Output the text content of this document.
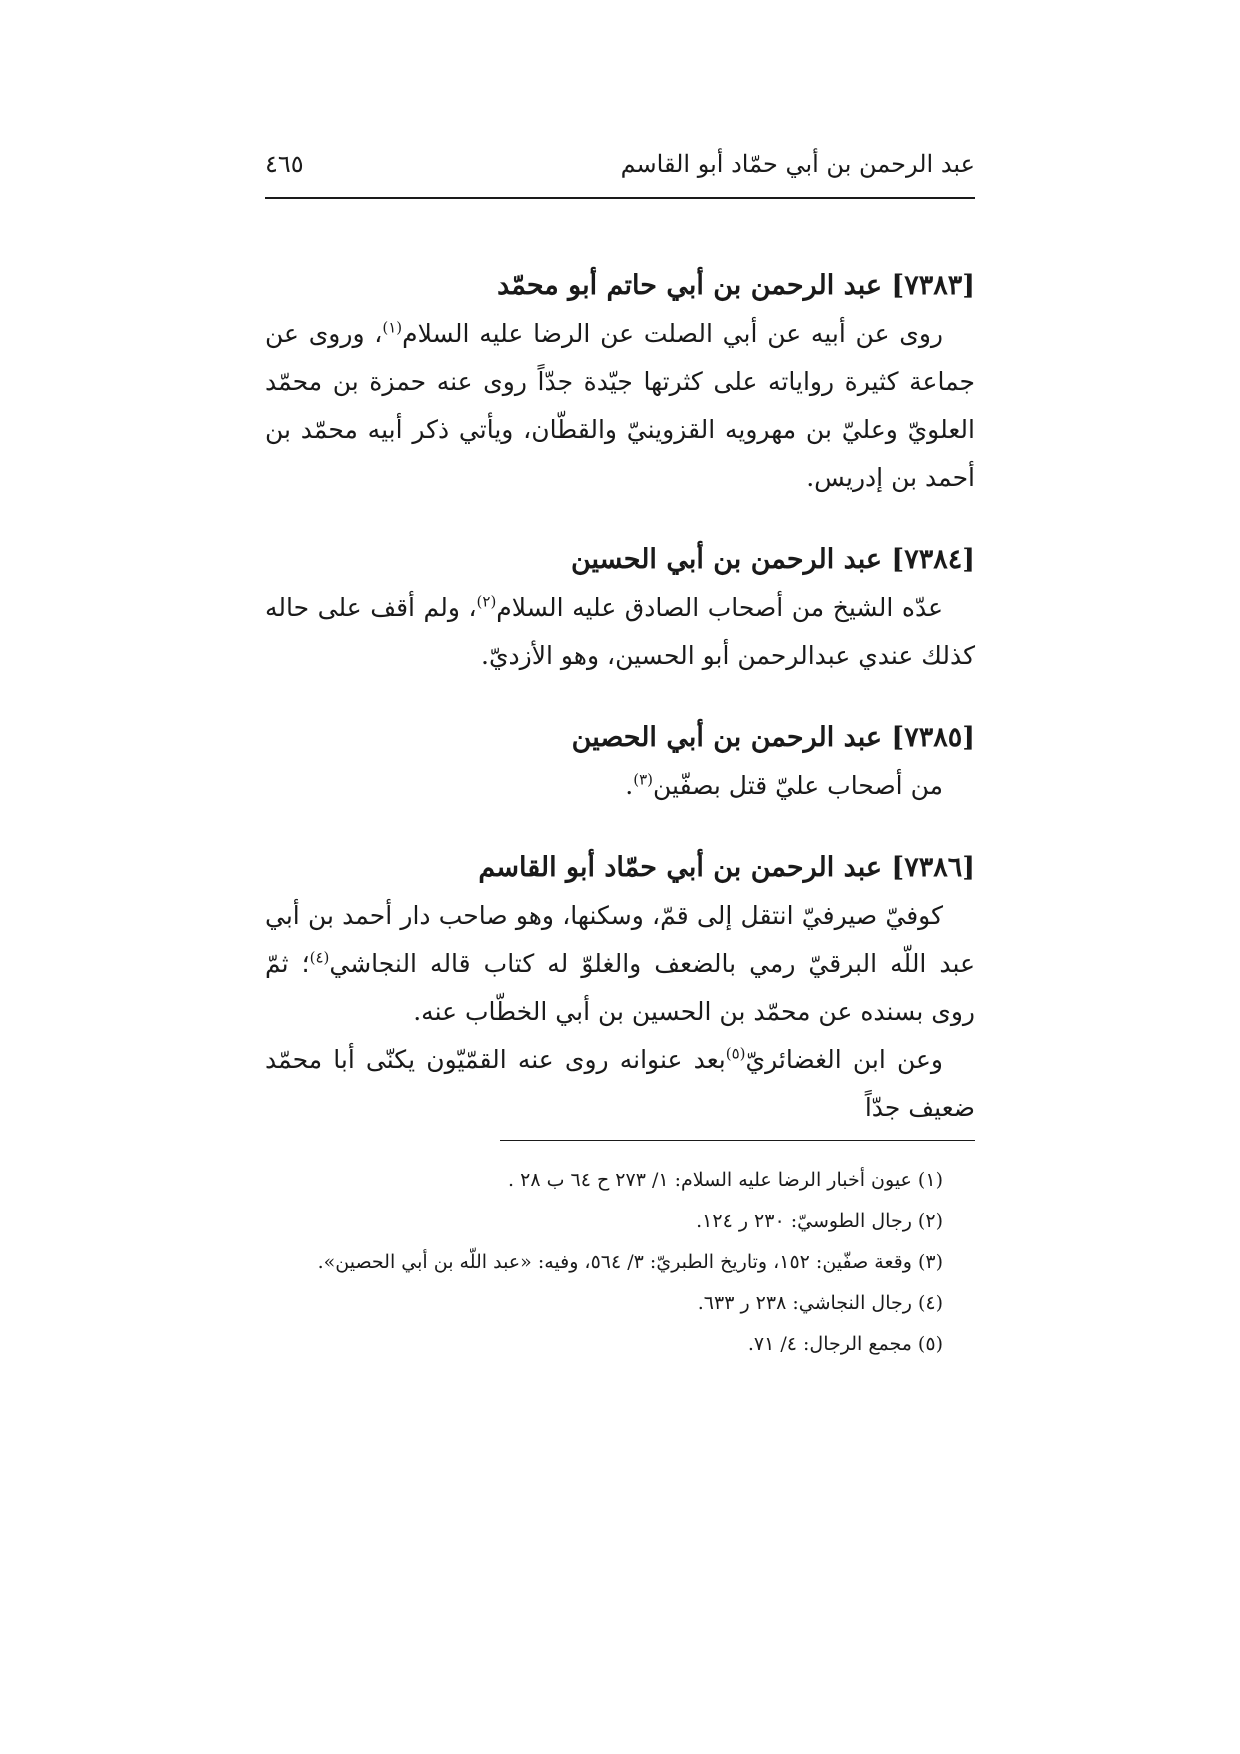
عبد الرحمن بن أبي حمّاد أبو القاسم
٤٦٥
[٧٣٨٣] عبد الرحمن بن أبي حاتم أبو محمّد

روى عن أبيه عن أبي الصلت عن الرضا عليه السلام$^{(١)}$، وروى عن جماعة كثيرة رواياته على كثرتها جيّدة جدّاً روى عنه حمزة بن محمّد العلويّ وعليّ بن مهرويه القزوينيّ والقطّان، ويأتي ذكر أبيه محمّد بن أحمد بن إدريس.

[٧٣٨٤] عبد الرحمن بن أبي الحسين

عدّه الشيخ من أصحاب الصادق عليه السلام$^{(٢)}$، ولم أقف على حاله كذلك عندي عبدالرحمن أبو الحسين، وهو الأزديّ.

[٧٣٨٥] عبد الرحمن بن أبي الحصين

من أصحاب عليّ قتل بصفّين$^{(٣)}$.

[٧٣٨٦] عبد الرحمن بن أبي حمّاد أبو القاسم

كوفيّ صيرفيّ انتقل إلى قمّ، وسكنها، وهو صاحب دار أحمد بن أبي عبد اللّه البرقيّ رمي بالضعف والغلوّ له كتاب قاله النجاشي$^{(٤)}$؛ ثمّ روى بسنده عن محمّد بن الحسين بن أبي الخطّاب عنه.

وعن ابن الغضائريّ$^{(٥)}$بعد عنوانه روى عنه القمّيّون يكنّى أبا محمّد ضعيف جدّاً

(١) عيون أخبار الرضا عليه السلام: ١/ ٢٧٣ ح ٦٤ ب ٢٨ .

(٢) رجال الطوسيّ: ٢٣٠ ر ١٢٤.

(٣) وقعة صفّين: ١٥٢، وتاريخ الطبريّ: ٣/ ٥٦٤، وفيه: «عبد اللّه بن أبي الحصين».

(٤) رجال النجاشي: ٢٣٨ ر ٦٣٣.

(٥) مجمع الرجال: ٤/ ٧١.
